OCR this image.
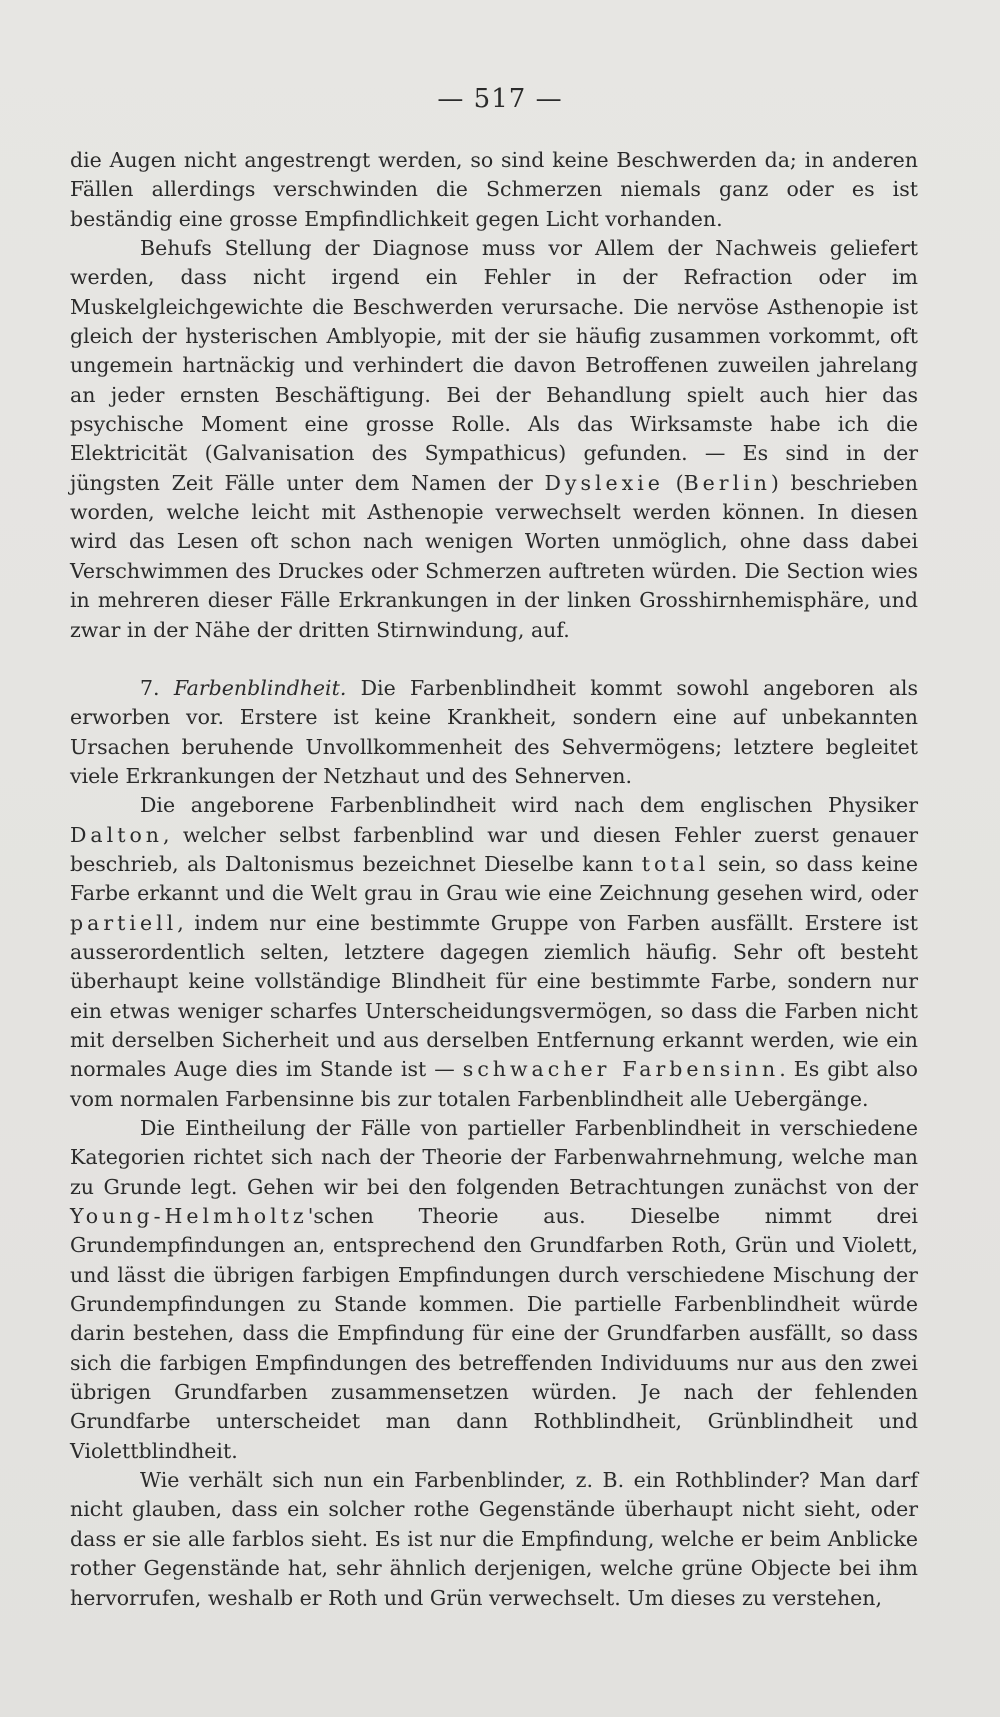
— 517 —

die Augen nicht angestrengt werden, so sind keine Beschwerden da; in anderen Fällen allerdings verschwinden die Schmerzen niemals ganz oder es ist beständig eine grosse Empfindlichkeit gegen Licht vorhanden.

Behufs Stellung der Diagnose muss vor Allem der Nachweis geliefert werden, dass nicht irgend ein Fehler in der Refraction oder im Muskelgleichgewichte die Beschwerden verursache. Die nervöse Asthenopie ist gleich der hysterischen Amblyopie, mit der sie häufig zusammen vorkommt, oft ungemein hartnäckig und verhindert die davon Betroffenen zuweilen jahrelang an jeder ernsten Beschäftigung. Bei der Behandlung spielt auch hier das psychische Moment eine grosse Rolle. Als das Wirksamste habe ich die Elektricität (Galvanisation des Sympathicus) gefunden. — Es sind in der jüngsten Zeit Fälle unter dem Namen der Dyslexie (Berlin) beschrieben worden, welche leicht mit Asthenopie verwechselt werden können. In diesen wird das Lesen oft schon nach wenigen Worten unmöglich, ohne dass dabei Verschwimmen des Druckes oder Schmerzen auftreten würden. Die Section wies in mehreren dieser Fälle Erkrankungen in der linken Grosshirnhemisphäre, und zwar in der Nähe der dritten Stirnwindung, auf.

7. Farbenblindheit. Die Farbenblindheit kommt sowohl angeboren als erworben vor. Erstere ist keine Krankheit, sondern eine auf unbekannten Ursachen beruhende Unvollkommenheit des Sehvermögens; letztere begleitet viele Erkrankungen der Netzhaut und des Sehnerven.

Die angeborene Farbenblindheit wird nach dem englischen Physiker Dalton, welcher selbst farbenblind war und diesen Fehler zuerst genauer beschrieb, als Daltonismus bezeichnet Dieselbe kann total sein, so dass keine Farbe erkannt und die Welt grau in Grau wie eine Zeichnung gesehen wird, oder partiell, indem nur eine bestimmte Gruppe von Farben ausfällt. Erstere ist ausserordentlich selten, letztere dagegen ziemlich häufig. Sehr oft besteht überhaupt keine vollständige Blindheit für eine bestimmte Farbe, sondern nur ein etwas weniger scharfes Unterscheidungsvermögen, so dass die Farben nicht mit derselben Sicherheit und aus derselben Entfernung erkannt werden, wie ein normales Auge dies im Stande ist — schwacher Farbensinn. Es gibt also vom normalen Farbensinne bis zur totalen Farbenblindheit alle Uebergänge.

Die Eintheilung der Fälle von partieller Farbenblindheit in verschiedene Kategorien richtet sich nach der Theorie der Farbenwahrnehmung, welche man zu Grunde legt. Gehen wir bei den folgenden Betrachtungen zunächst von der Young-Helmholtz'schen Theorie aus. Dieselbe nimmt drei Grundempfindungen an, entsprechend den Grundfarben Roth, Grün und Violett, und lässt die übrigen farbigen Empfindungen durch verschiedene Mischung der Grundempfindungen zu Stande kommen. Die partielle Farbenblindheit würde darin bestehen, dass die Empfindung für eine der Grundfarben ausfällt, so dass sich die farbigen Empfindungen des betreffenden Individuums nur aus den zwei übrigen Grundfarben zusammensetzen würden. Je nach der fehlenden Grundfarbe unterscheidet man dann Rothblindheit, Grünblindheit und Violettblindheit.

Wie verhält sich nun ein Farbenblinder, z. B. ein Rothblinder? Man darf nicht glauben, dass ein solcher rothe Gegenstände überhaupt nicht sieht, oder dass er sie alle farblos sieht. Es ist nur die Empfindung, welche er beim Anblicke rother Gegenstände hat, sehr ähnlich derjenigen, welche grüne Objecte bei ihm hervorrufen, weshalb er Roth und Grün verwechselt. Um dieses zu verstehen,
